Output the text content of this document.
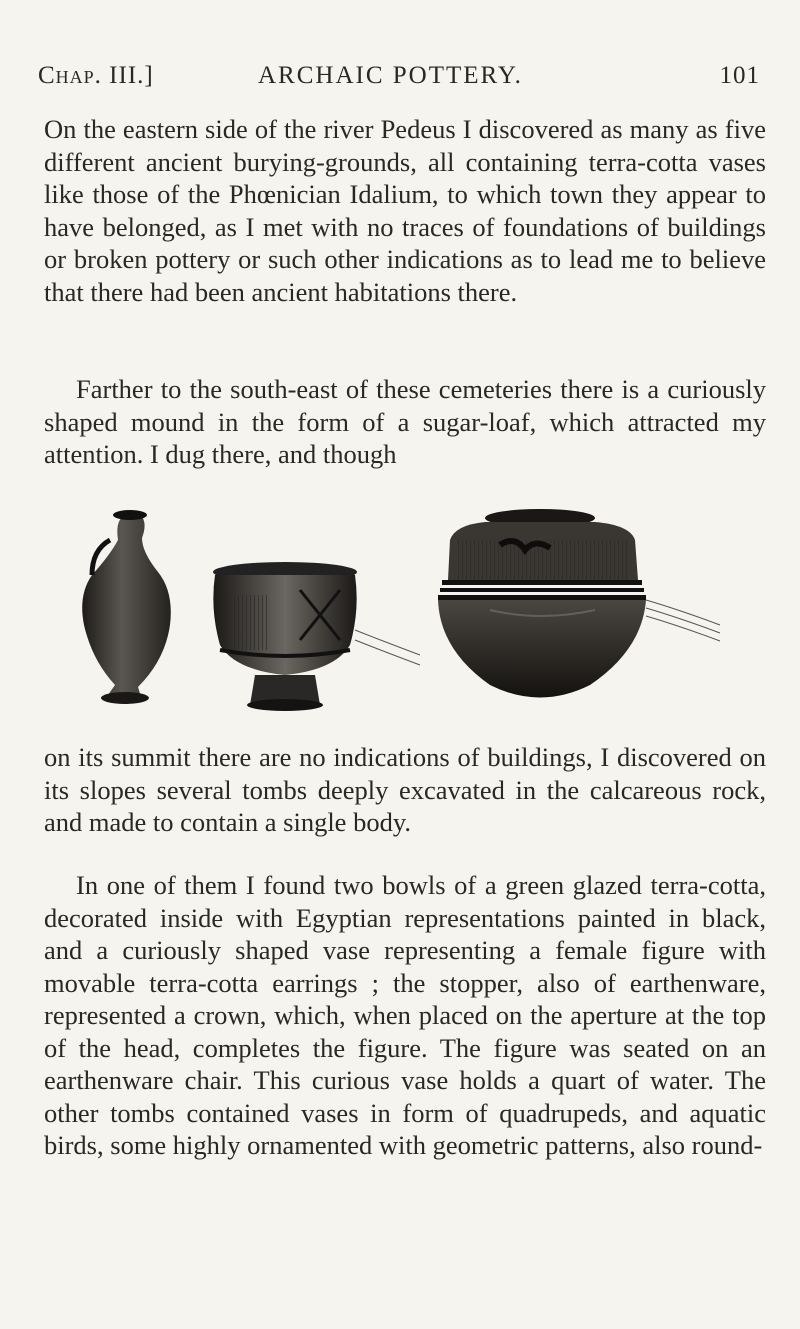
Chap. III.]	ARCHAIC POTTERY.	101

On the eastern side of the river Pedeus I discovered as many as five different ancient burying-grounds, all containing terra-cotta vases like those of the Phœnician Idalium, to which town they appear to have belonged, as I met with no traces of foundations of buildings or broken pottery or such other indications as to lead me to believe that there had been ancient habitations there.

Farther to the south-east of these cemeteries there is a curiously shaped mound in the form of a sugar-loaf, which attracted my attention. I dug there, and though

on its summit there are no indications of buildings, I discovered on its slopes several tombs deeply excavated in the calcareous rock, and made to contain a single body.

In one of them I found two bowls of a green glazed terra-cotta, decorated inside with Egyptian representations painted in black, and a curiously shaped vase representing a female figure with movable terra-cotta earrings ; the stopper, also of earthenware, represented a crown, which, when placed on the aperture at the top of the head, completes the figure. The figure was seated on an earthenware chair. This curious vase holds a quart of water. The other tombs contained vases in form of quadrupeds, and aquatic birds, some highly ornamented with geometric patterns, also round-
